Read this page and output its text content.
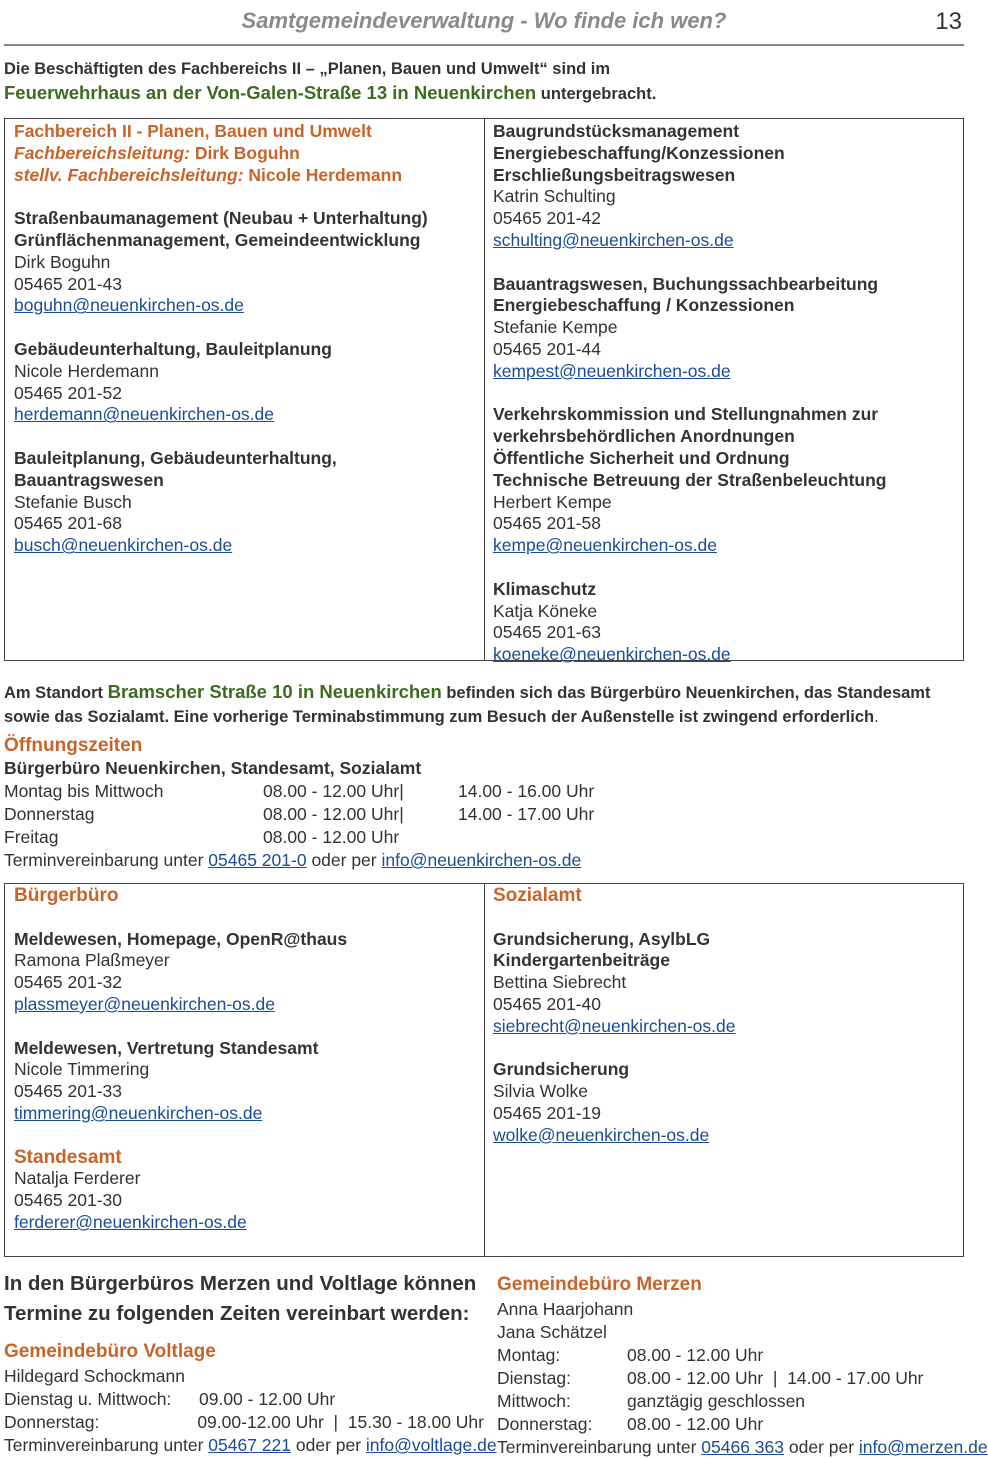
Samtgemeindeverwaltung - Wo finde ich wen?	13
Die Beschäftigten des Fachbereichs II – „Planen, Bauen und Umwelt“ sind im
Feuerwehrhaus an der Von-Galen-Straße 13 in Neuenkirchen untergebracht.
Fachbereich II - Planen, Bauen und Umwelt
Fachbereichsleitung: Dirk Boguhn
stellv. Fachbereichsleitung: Nicole Herdemann
Straßenbaumanagement (Neubau + Unterhaltung)
Grünflächenmanagement, Gemeindeentwicklung
Dirk Boguhn
05465 201-43
boguhn@neuenkirchen-os.de
Gebäudeunterhaltung, Bauleitplanung
Nicole Herdemann
05465 201-52
herdemann@neuenkirchen-os.de
Bauleitplanung, Gebäudeunterhaltung, Bauantragswesen
Stefanie Busch
05465 201-68
busch@neuenkirchen-os.de
Baugrundstücksmanagement
Energiebeschaffung/Konzessionen
Erschließungsbeitragswesen
Katrin Schulting
05465 201-42
schulting@neuenkirchen-os.de
Bauantragswesen, Buchungssachbearbeitung
Energiebeschaffung / Konzessionen
Stefanie Kempe
05465 201-44
kempest@neuenkirchen-os.de
Verkehrskommission und Stellungnahmen zur
verkehrsbehördlichen Anordnungen
Öffentliche Sicherheit und Ordnung
Technische Betreuung der Straßenbeleuchtung
Herbert Kempe
05465 201-58
kempe@neuenkirchen-os.de
Klimaschutz
Katja Köneke
05465 201-63
koeneke@neuenkirchen-os.de
Am Standort Bramscher Straße 10 in Neuenkirchen befinden sich das Bürgerbüro Neuenkirchen, das Standesamt
sowie das Sozialamt. Eine vorherige Terminabstimmung zum Besuch der Außenstelle ist zwingend erforderlich.
Öffnungszeiten
Bürgerbüro Neuenkirchen, Standesamt, Sozialamt
Montag bis Mittwoch	08.00 - 12.00 Uhr|	14.00 - 16.00 Uhr
Donnerstag	08.00 - 12.00 Uhr|	14.00 - 17.00 Uhr
Freitag	08.00 - 12.00 Uhr
Terminvereinbarung unter 05465 201-0 oder per info@neuenkirchen-os.de
Bürgerbüro
Meldewesen, Homepage, OpenR@thaus
Ramona Plaßmeyer
05465 201-32
plassmeyer@neuenkirchen-os.de
Meldewesen, Vertretung Standesamt
Nicole Timmering
05465 201-33
timmering@neuenkirchen-os.de
Standesamt
Natalja Ferderer
05465 201-30
ferderer@neuenkirchen-os.de
Sozialamt
Grundsicherung, AsylbLG
Kindergartenbeiträge
Bettina Siebrecht
05465 201-40
siebrecht@neuenkirchen-os.de
Grundsicherung
Silvia Wolke
05465 201-19
wolke@neuenkirchen-os.de
In den Bürgerbüros Merzen und Voltlage können
Termine zu folgenden Zeiten vereinbart werden:
Gemeindebüro Voltlage
Hildegard Schockmann
Dienstag u. Mittwoch:	09.00 - 12.00 Uhr
Donnerstag:	09.00-12.00 Uhr  |  15.30 - 18.00 Uhr
Terminvereinbarung unter 05467 221 oder per info@voltlage.de
Gemeindebüro Merzen
Anna Haarjohann
Jana Schätzel
Montag:	08.00 - 12.00 Uhr
Dienstag:	08.00 - 12.00 Uhr  |  14.00 - 17.00 Uhr
Mittwoch:	ganztägig geschlossen
Donnerstag:	08.00 - 12.00 Uhr
Terminvereinbarung unter 05466 363 oder per info@merzen.de
